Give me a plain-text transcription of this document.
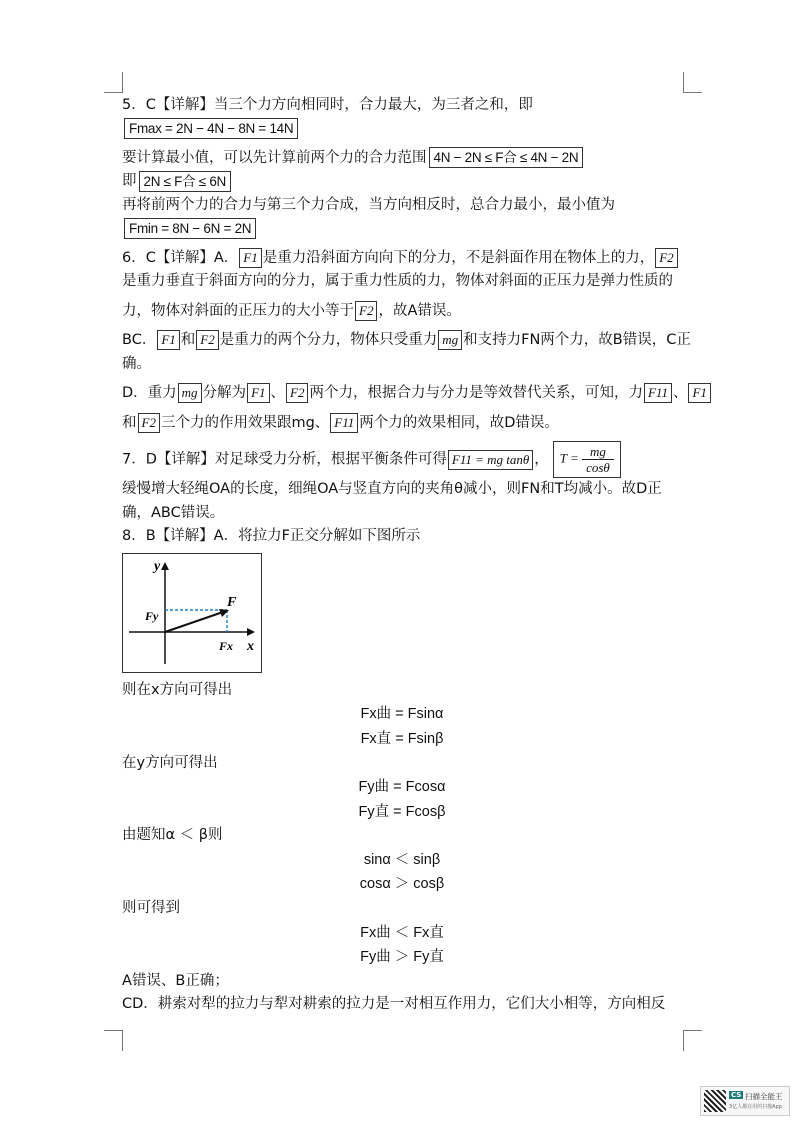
5．C【详解】当三个力方向相同时，合力最大，为三者之和，即
Fmax = 2N − 4N − 8N = 14N
要计算最小值，可以先计算前两个力的合力范围 4N − 2N ≤ F合 ≤ 4N − 2N
即 2N ≤ F合 ≤ 6N
再将前两个力的合力与第三个力合成，当方向相反时，总合力最小，最小值为
Fmin = 8N − 6N = 2N
6．C【详解】A． F1 是重力沿斜面方向向下的分力，不是斜面作用在物体上的力， F2
是重力垂直于斜面方向的分力，属于重力性质的力，物体对斜面的正压力是弹力性质的
力，物体对斜面的正压力的大小等于 F2 ，故A错误。
BC． F1 和 F2 是重力的两个分力，物体只受重力 mg 和支持力FN两个力，故B错误，C正
确。
D．重力 mg 分解为 F1 、 F2 两个力，根据合力与分力是等效替代关系，可知，力 F11 、 F1
和 F2 三个力的作用效果跟mg、 F11 两个力的效果相同，故D错误。
7．D【详解】对足球受力分析，根据平衡条件可得 F11 = mg tanθ ， $T = \frac{mg}{\cos\theta}$
缓慢增大轻绳OA的长度，细绳OA与竖直方向的夹角θ减小，则FN和T均减小。故D正
确，ABC错误。
8．B【详解】A．将拉力F正交分解如下图所示
y
x
F
Fy
Fx
则在x方向可得出
Fx曲 = Fsinα
Fx直 = Fsinβ
在y方向可得出
Fy曲 = Fcosα
Fy直 = Fcosβ
由题知α ＜ β则
sinα ＜ sinβ
cosα ＞ cosβ
则可得到
Fx曲 ＜ Fx直
Fy曲 ＞ Fy直
A错误、B正确；
CD．耕索对犁的拉力与犁对耕索的拉力是一对相互作用力，它们大小相等，方向相反
CS 扫描全能王
3亿人都在用的扫描App
